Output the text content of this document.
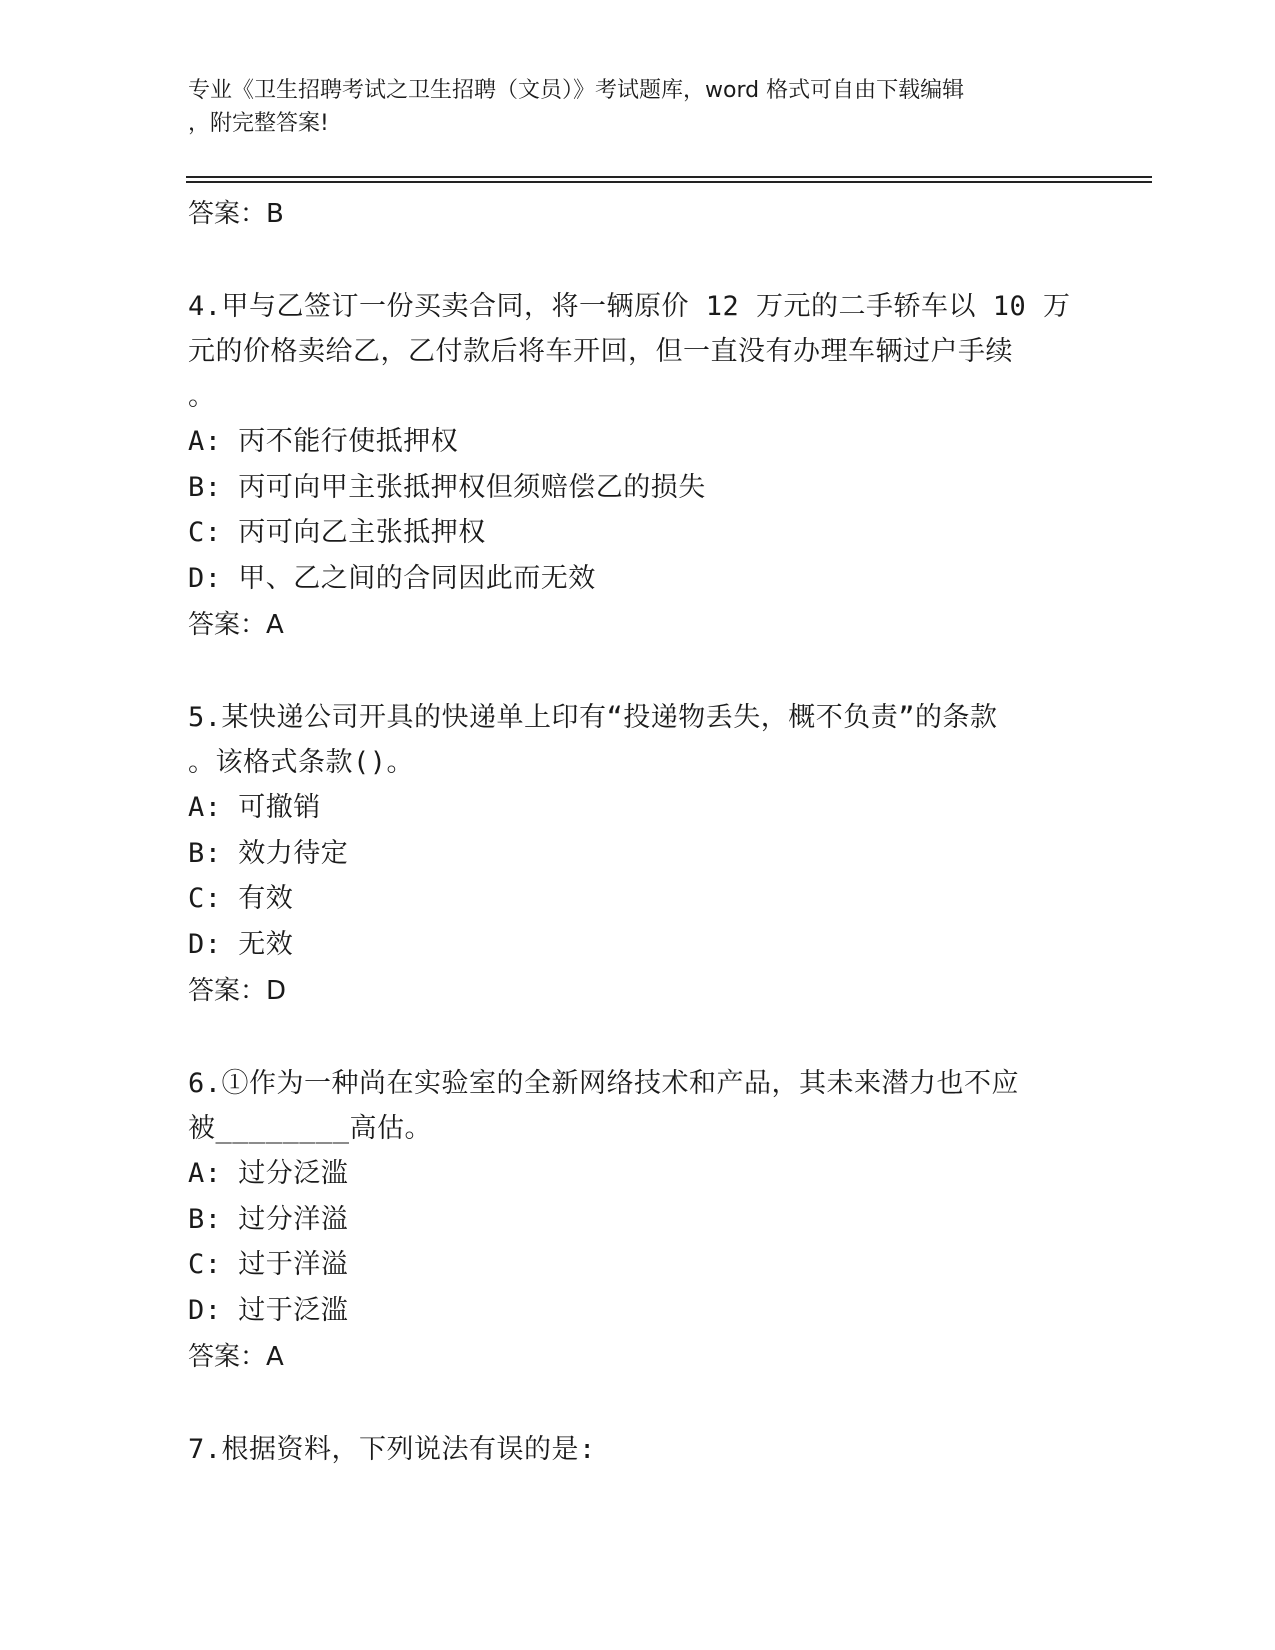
专业《卫生招聘考试之卫生招聘（文员）》考试题库，word 格式可自由下载编辑
，附完整答案!
答案：B
4.甲与乙签订一份买卖合同，将一辆原价 12 万元的二手轿车以 10 万
元的价格卖给乙，乙付款后将车开回，但一直没有办理车辆过户手续
。
A: 丙不能行使抵押权
B: 丙可向甲主张抵押权但须赔偿乙的损失
C: 丙可向乙主张抵押权
D: 甲、乙之间的合同因此而无效
答案：A
5.某快递公司开具的快递单上印有“投递物丢失，概不负责”的条款
。该格式条款()。
A: 可撤销
B: 效力待定
C: 有效
D: 无效
答案：D
6.①作为一种尚在实验室的全新网络技术和产品，其未来潜力也不应
被________高估。
A: 过分泛滥
B: 过分洋溢
C: 过于洋溢
D: 过于泛滥
答案：A
7.根据资料，下列说法有误的是:
